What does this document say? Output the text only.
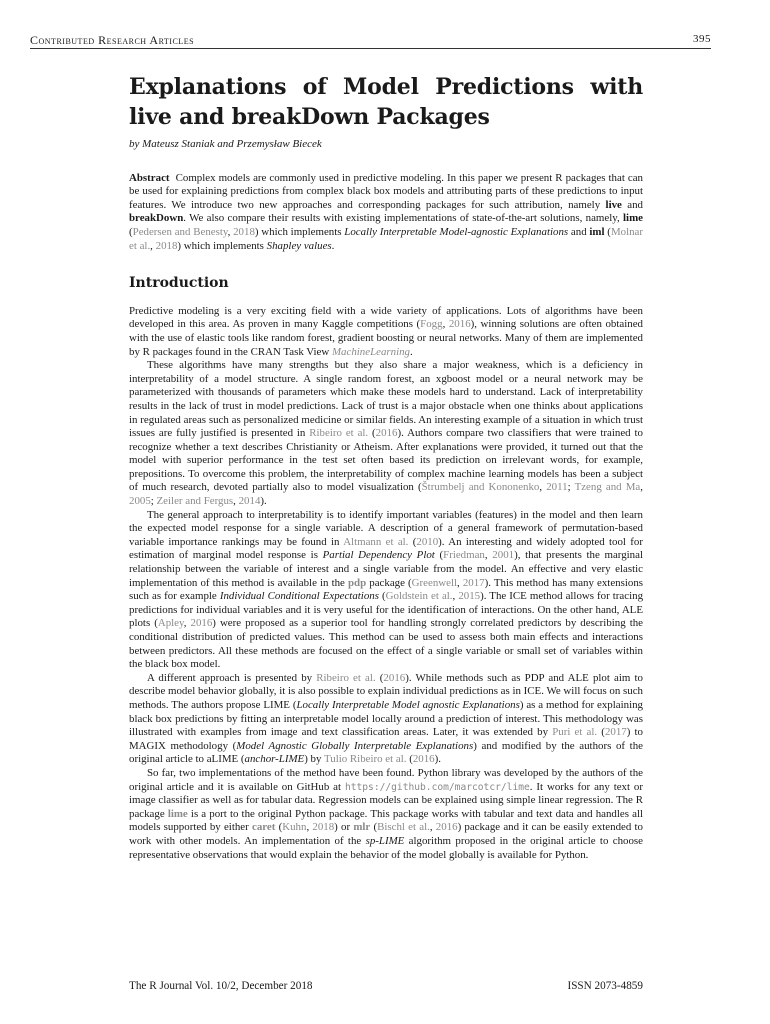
Contributed Research Articles	395
Explanations of Model Predictions with live and breakDown Packages
by Mateusz Staniak and Przemysław Biecek

Abstract Complex models are commonly used in predictive modeling. In this paper we present R packages that can be used for explaining predictions from complex black box models and attributing parts of these predictions to input features. We introduce two new approaches and corresponding packages for such attribution, namely live and breakDown. We also compare their results with existing implementations of state-of-the-art solutions, namely, lime (Pedersen and Benesty, 2018) which implements Locally Interpretable Model-agnostic Explanations and iml (Molnar et al., 2018) which implements Shapley values.

Introduction

Predictive modeling is a very exciting field with a wide variety of applications. Lots of algorithms have been developed in this area. As proven in many Kaggle competitions (Fogg, 2016), winning solutions are often obtained with the use of elastic tools like random forest, gradient boosting or neural networks. Many of them are implemented by R packages found in the CRAN Task View MachineLearning.

These algorithms have many strengths but they also share a major weakness, which is a deficiency in interpretability of a model structure. A single random forest, an xgboost model or a neural network may be parameterized with thousands of parameters which make these models hard to understand. Lack of interpretability results in the lack of trust in model predictions. Lack of trust is a major obstacle when one thinks about applications in regulated areas such as personalized medicine or similar fields. An interesting example of a situation in which trust issues are fully justified is presented in Ribeiro et al. (2016). Authors compare two classifiers that were trained to recognize whether a text describes Christianity or Atheism. After explanations were provided, it turned out that the model with superior performance in the test set often based its prediction on irrelevant words, for example, prepositions. To overcome this problem, the interpretability of complex machine learning models has been a subject of much research, devoted partially also to model visualization (Štrumbelj and Kononenko, 2011; Tzeng and Ma, 2005; Zeiler and Fergus, 2014).

The general approach to interpretability is to identify important variables (features) in the model and then learn the expected model response for a single variable. A description of a general framework of permutation-based variable importance rankings may be found in Altmann et al. (2010). An interesting and widely adopted tool for estimation of marginal model response is Partial Dependency Plot (Friedman, 2001), that presents the marginal relationship between the variable of interest and a single variable from the model. An effective and very elastic implementation of this method is available in the pdp package (Greenwell, 2017). This method has many extensions such as for example Individual Conditional Expectations (Goldstein et al., 2015). The ICE method allows for tracing predictions for individual variables and it is very useful for the identification of interactions. On the other hand, ALE plots (Apley, 2016) were proposed as a superior tool for handling strongly correlated predictors by describing the conditional distribution of predicted values. This method can be used to assess both main effects and interactions between predictors. All these methods are focused on the effect of a single variable or small set of variables within the black box model.

A different approach is presented by Ribeiro et al. (2016). While methods such as PDP and ALE plot aim to describe model behavior globally, it is also possible to explain individual predictions as in ICE. We will focus on such methods. The authors propose LIME (Locally Interpretable Model agnostic Explanations) as a method for explaining black box predictions by fitting an interpretable model locally around a prediction of interest. This methodology was illustrated with examples from image and text classification areas. Later, it was extended by Puri et al. (2017) to MAGIX methodology (Model Agnostic Globally Interpretable Explanations) and modified by the authors of the original article to aLIME (anchor-LIME) by Tulio Ribeiro et al. (2016).

So far, two implementations of the method have been found. Python library was developed by the authors of the original article and it is available on GitHub at https://github.com/marcotcr/lime. It works for any text or image classifier as well as for tabular data. Regression models can be explained using simple linear regression. The R package lime is a port to the original Python package. This package works with tabular and text data and handles all models supported by either caret (Kuhn, 2018) or mlr (Bischl et al., 2016) package and it can be easily extended to work with other models. An implementation of the sp-LIME algorithm proposed in the original article to choose representative observations that would explain the behavior of the model globally is available for Python.

The R Journal Vol. 10/2, December 2018	ISSN 2073-4859
